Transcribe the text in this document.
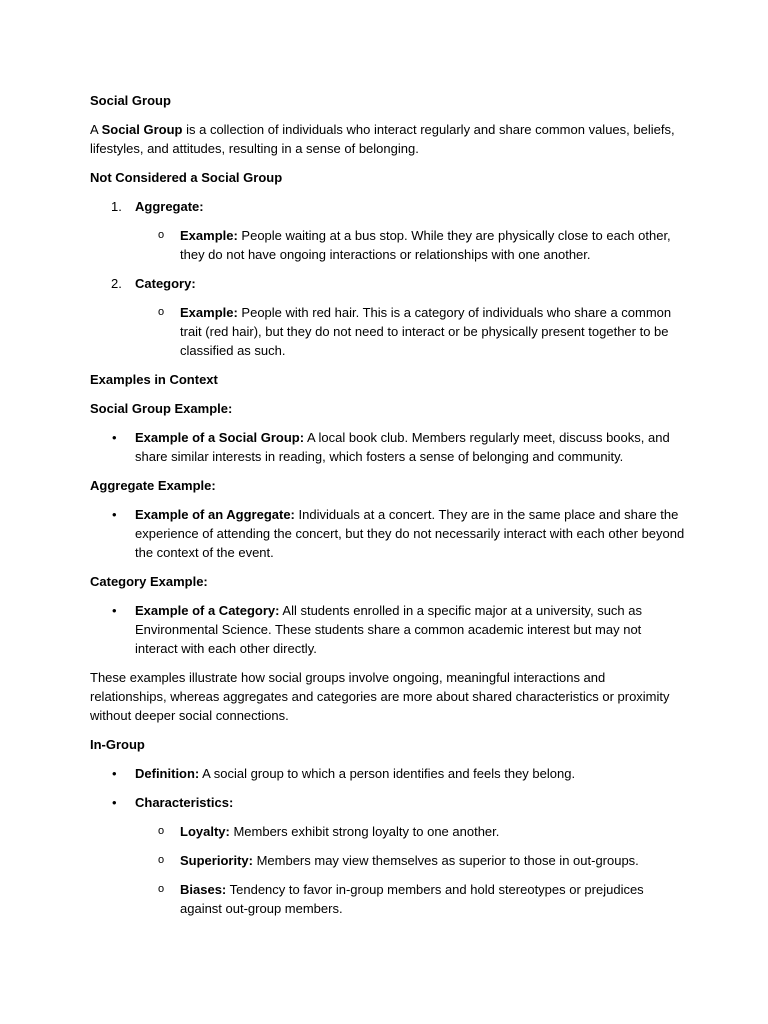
Social Group

A Social Group is a collection of individuals who interact regularly and share common values, beliefs, lifestyles, and attitudes, resulting in a sense of belonging.

Not Considered a Social Group

1. Aggregate:
o Example: People waiting at a bus stop. While they are physically close to each other, they do not have ongoing interactions or relationships with one another.
2. Category:
o Example: People with red hair. This is a category of individuals who share a common trait (red hair), but they do not need to interact or be physically present together to be classified as such.

Examples in Context

Social Group Example:

• Example of a Social Group: A local book club. Members regularly meet, discuss books, and share similar interests in reading, which fosters a sense of belonging and community.

Aggregate Example:

• Example of an Aggregate: Individuals at a concert. They are in the same place and share the experience of attending the concert, but they do not necessarily interact with each other beyond the context of the event.

Category Example:

• Example of a Category: All students enrolled in a specific major at a university, such as Environmental Science. These students share a common academic interest but may not interact with each other directly.

These examples illustrate how social groups involve ongoing, meaningful interactions and relationships, whereas aggregates and categories are more about shared characteristics or proximity without deeper social connections.

In-Group

• Definition: A social group to which a person identifies and feels they belong.
• Characteristics:
o Loyalty: Members exhibit strong loyalty to one another.
o Superiority: Members may view themselves as superior to those in out-groups.
o Biases: Tendency to favor in-group members and hold stereotypes or prejudices against out-group members.
